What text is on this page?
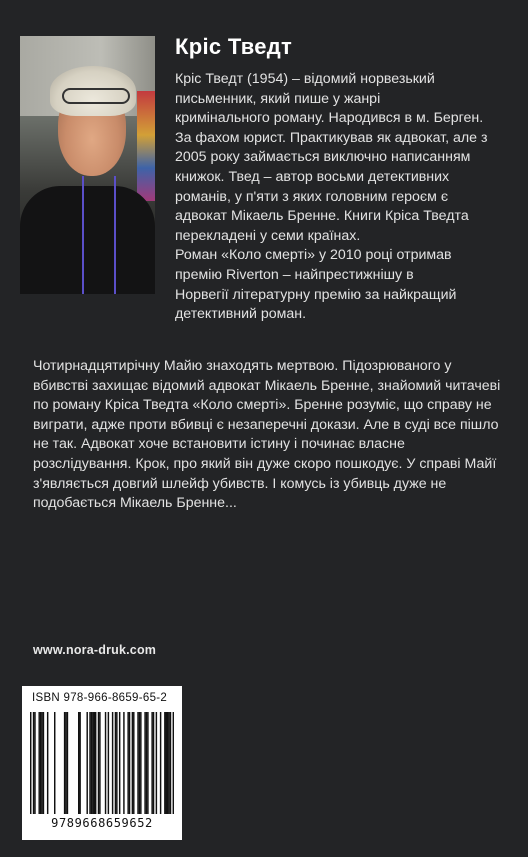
Кріс Тведт

Кріс Тведт (1954) – відомий норвезький

письменник, який пише у жанрі

кримінального роману. Народився в м. Берген.

За фахом юрист. Практикував як адвокат, але з

2005 року займається виключно написанням

книжок. Твед – автор восьми детективних

романів, у п'яти з яких головним героєм є

адвокат Мікаель Бренне. Книги Кріса Тведта

перекладені у семи країнах.

Роман «Коло смерті» у 2010 році отримав

премію Riverton – найпрестижнішу в

Норвегії літературну премію за найкращий

детективний роман.

Чотирнадцятирічну Майю знаходять мертвою. Підозрюваного у вбивстві захищає відомий адвокат Мікаель Бренне, знайомий читачеві по роману Кріса Тведта «Коло смерті». Бренне розуміє, що справу не виграти, адже проти вбивці є незаперечні докази. Але в суді все пішло не так. Адвокат хоче встановити істину і починає власне розслідування. Крок, про який він дуже скоро пошкодує. У справі Майї з'являється довгий шлейф убивств. І комусь із убивць дуже не подобається Мікаель Бренне...

www.nora-druk.com
ISBN 978-966-8659-65-2
9789668659652
